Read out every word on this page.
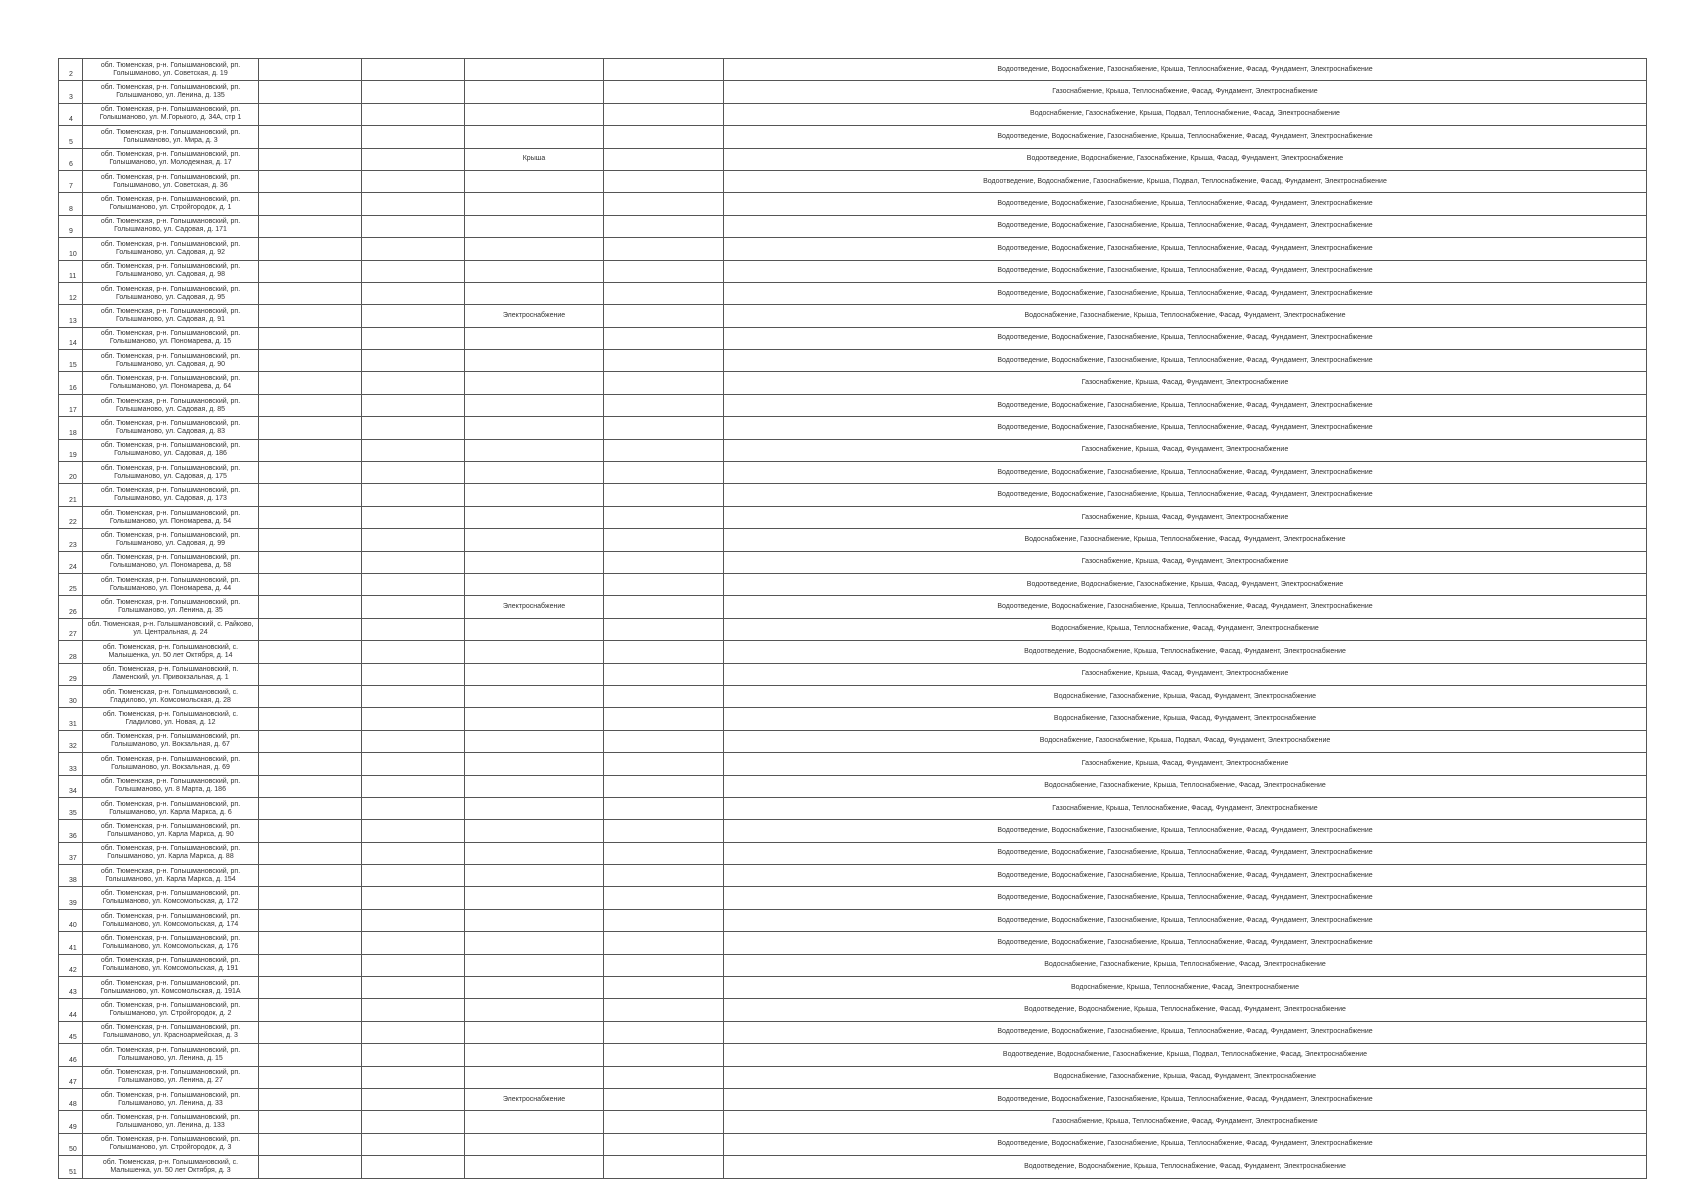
2	обл. Тюменская, р-н. Голышмановский, рп. Голышманово, ул. Советская, д. 19					Водоотведение, Водоснабжение, Газоснабжение, Крыша, Теплоснабжение, Фасад, Фундамент, Электроснабжение
3	обл. Тюменская, р-н. Голышмановский, рп. Голышманово, ул. Ленина, д. 135					Газоснабжение, Крыша, Теплоснабжение, Фасад, Фундамент, Электроснабжение
4	обл. Тюменская, р-н. Голышмановский, рп. Голышманово, ул. М.Горького, д. 34А, стр 1					Водоснабжение, Газоснабжение, Крыша, Подвал, Теплоснабжение, Фасад, Электроснабжение
5	обл. Тюменская, р-н. Голышмановский, рп. Голышманово, ул. Мира, д. 3					Водоотведение, Водоснабжение, Газоснабжение, Крыша, Теплоснабжение, Фасад, Фундамент, Электроснабжение
6	обл. Тюменская, р-н. Голышмановский, рп. Голышманово, ул. Молодежная, д. 17			Крыша		Водоотведение, Водоснабжение, Газоснабжение, Крыша, Фасад, Фундамент, Электроснабжение
7	обл. Тюменская, р-н. Голышмановский, рп. Голышманово, ул. Советская, д. 36					Водоотведение, Водоснабжение, Газоснабжение, Крыша, Подвал, Теплоснабжение, Фасад, Фундамент, Электроснабжение
8	обл. Тюменская, р-н. Голышмановский, рп. Голышманово, ул. Стройгородок, д. 1					Водоотведение, Водоснабжение, Газоснабжение, Крыша, Теплоснабжение, Фасад, Фундамент, Электроснабжение
9	обл. Тюменская, р-н. Голышмановский, рп. Голышманово, ул. Садовая, д. 171					Водоотведение, Водоснабжение, Газоснабжение, Крыша, Теплоснабжение, Фасад, Фундамент, Электроснабжение
10	обл. Тюменская, р-н. Голышмановский, рп. Голышманово, ул. Садовая, д. 92					Водоотведение, Водоснабжение, Газоснабжение, Крыша, Теплоснабжение, Фасад, Фундамент, Электроснабжение
11	обл. Тюменская, р-н. Голышмановский, рп. Голышманово, ул. Садовая, д. 98					Водоотведение, Водоснабжение, Газоснабжение, Крыша, Теплоснабжение, Фасад, Фундамент, Электроснабжение
12	обл. Тюменская, р-н. Голышмановский, рп. Голышманово, ул. Садовая, д. 95					Водоотведение, Водоснабжение, Газоснабжение, Крыша, Теплоснабжение, Фасад, Фундамент, Электроснабжение
13	обл. Тюменская, р-н. Голышмановский, рп. Голышманово, ул. Садовая, д. 91			Электроснабжение		Водоснабжение, Газоснабжение, Крыша, Теплоснабжение, Фасад, Фундамент, Электроснабжение
14	обл. Тюменская, р-н. Голышмановский, рп. Голышманово, ул. Пономарева, д. 15					Водоотведение, Водоснабжение, Газоснабжение, Крыша, Теплоснабжение, Фасад, Фундамент, Электроснабжение
15	обл. Тюменская, р-н. Голышмановский, рп. Голышманово, ул. Садовая, д. 90					Водоотведение, Водоснабжение, Газоснабжение, Крыша, Теплоснабжение, Фасад, Фундамент, Электроснабжение
16	обл. Тюменская, р-н. Голышмановский, рп. Голышманово, ул. Пономарева, д. 64					Газоснабжение, Крыша, Фасад, Фундамент, Электроснабжение
17	обл. Тюменская, р-н. Голышмановский, рп. Голышманово, ул. Садовая, д. 85					Водоотведение, Водоснабжение, Газоснабжение, Крыша, Теплоснабжение, Фасад, Фундамент, Электроснабжение
18	обл. Тюменская, р-н. Голышмановский, рп. Голышманово, ул. Садовая, д. 83					Водоотведение, Водоснабжение, Газоснабжение, Крыша, Теплоснабжение, Фасад, Фундамент, Электроснабжение
19	обл. Тюменская, р-н. Голышмановский, рп. Голышманово, ул. Садовая, д. 186					Газоснабжение, Крыша, Фасад, Фундамент, Электроснабжение
20	обл. Тюменская, р-н. Голышмановский, рп. Голышманово, ул. Садовая, д. 175					Водоотведение, Водоснабжение, Газоснабжение, Крыша, Теплоснабжение, Фасад, Фундамент, Электроснабжение
21	обл. Тюменская, р-н. Голышмановский, рп. Голышманово, ул. Садовая, д. 173					Водоотведение, Водоснабжение, Газоснабжение, Крыша, Теплоснабжение, Фасад, Фундамент, Электроснабжение
22	обл. Тюменская, р-н. Голышмановский, рп. Голышманово, ул. Пономарева, д. 54					Газоснабжение, Крыша, Фасад, Фундамент, Электроснабжение
23	обл. Тюменская, р-н. Голышмановский, рп. Голышманово, ул. Садовая, д. 99					Водоснабжение, Газоснабжение, Крыша, Теплоснабжение, Фасад, Фундамент, Электроснабжение
24	обл. Тюменская, р-н. Голышмановский, рп. Голышманово, ул. Пономарева, д. 58					Газоснабжение, Крыша, Фасад, Фундамент, Электроснабжение
25	обл. Тюменская, р-н. Голышмановский, рп. Голышманово, ул. Пономарева, д. 44					Водоотведение, Водоснабжение, Газоснабжение, Крыша, Фасад, Фундамент, Электроснабжение
26	обл. Тюменская, р-н. Голышмановский, рп. Голышманово, ул. Ленина, д. 35			Электроснабжение		Водоотведение, Водоснабжение, Газоснабжение, Крыша, Теплоснабжение, Фасад, Фундамент, Электроснабжение
27	обл. Тюменская, р-н. Голышмановский, с. Райково, ул. Центральная, д. 24					Водоснабжение, Крыша, Теплоснабжение, Фасад, Фундамент, Электроснабжение
28	обл. Тюменская, р-н. Голышмановский, с. Малышенка, ул. 50 лет Октября, д. 14					Водоотведение, Водоснабжение, Крыша, Теплоснабжение, Фасад, Фундамент, Электроснабжение
29	обл. Тюменская, р-н. Голышмановский, п. Ламенский, ул. Привокзальная, д. 1					Газоснабжение, Крыша, Фасад, Фундамент, Электроснабжение
30	обл. Тюменская, р-н. Голышмановский, с. Гладилово, ул. Комсомольская, д. 28					Водоснабжение, Газоснабжение, Крыша, Фасад, Фундамент, Электроснабжение
31	обл. Тюменская, р-н. Голышмановский, с. Гладилово, ул. Новая, д. 12					Водоснабжение, Газоснабжение, Крыша, Фасад, Фундамент, Электроснабжение
32	обл. Тюменская, р-н. Голышмановский, рп. Голышманово, ул. Вокзальная, д. 67					Водоснабжение, Газоснабжение, Крыша, Подвал, Фасад, Фундамент, Электроснабжение
33	обл. Тюменская, р-н. Голышмановский, рп. Голышманово, ул. Вокзальная, д. 69					Газоснабжение, Крыша, Фасад, Фундамент, Электроснабжение
34	обл. Тюменская, р-н. Голышмановский, рп. Голышманово, ул. 8 Марта, д. 186					Водоснабжение, Газоснабжение, Крыша, Теплоснабжение, Фасад, Электроснабжение
35	обл. Тюменская, р-н. Голышмановский, рп. Голышманово, ул. Карла Маркса, д. 6					Газоснабжение, Крыша, Теплоснабжение, Фасад, Фундамент, Электроснабжение
36	обл. Тюменская, р-н. Голышмановский, рп. Голышманово, ул. Карла Маркса, д. 90					Водоотведение, Водоснабжение, Газоснабжение, Крыша, Теплоснабжение, Фасад, Фундамент, Электроснабжение
37	обл. Тюменская, р-н. Голышмановский, рп. Голышманово, ул. Карла Маркса, д. 88					Водоотведение, Водоснабжение, Газоснабжение, Крыша, Теплоснабжение, Фасад, Фундамент, Электроснабжение
38	обл. Тюменская, р-н. Голышмановский, рп. Голышманово, ул. Карла Маркса, д. 154					Водоотведение, Водоснабжение, Газоснабжение, Крыша, Теплоснабжение, Фасад, Фундамент, Электроснабжение
39	обл. Тюменская, р-н. Голышмановский, рп. Голышманово, ул. Комсомольская, д. 172					Водоотведение, Водоснабжение, Газоснабжение, Крыша, Теплоснабжение, Фасад, Фундамент, Электроснабжение
40	обл. Тюменская, р-н. Голышмановский, рп. Голышманово, ул. Комсомольская, д. 174					Водоотведение, Водоснабжение, Газоснабжение, Крыша, Теплоснабжение, Фасад, Фундамент, Электроснабжение
41	обл. Тюменская, р-н. Голышмановский, рп. Голышманово, ул. Комсомольская, д. 176					Водоотведение, Водоснабжение, Газоснабжение, Крыша, Теплоснабжение, Фасад, Фундамент, Электроснабжение
42	обл. Тюменская, р-н. Голышмановский, рп. Голышманово, ул. Комсомольская, д. 191					Водоснабжение, Газоснабжение, Крыша, Теплоснабжение, Фасад, Электроснабжение
43	обл. Тюменская, р-н. Голышмановский, рп. Голышманово, ул. Комсомольская, д. 191А					Водоснабжение, Крыша, Теплоснабжение, Фасад, Электроснабжение
44	обл. Тюменская, р-н. Голышмановский, рп. Голышманово, ул. Стройгородок, д. 2					Водоотведение, Водоснабжение, Крыша, Теплоснабжение, Фасад, Фундамент, Электроснабжение
45	обл. Тюменская, р-н. Голышмановский, рп. Голышманово, ул. Красноармейская, д. 3					Водоотведение, Водоснабжение, Газоснабжение, Крыша, Теплоснабжение, Фасад, Фундамент, Электроснабжение
46	обл. Тюменская, р-н. Голышмановский, рп. Голышманово, ул. Ленина, д. 15					Водоотведение, Водоснабжение, Газоснабжение, Крыша, Подвал, Теплоснабжение, Фасад, Электроснабжение
47	обл. Тюменская, р-н. Голышмановский, рп. Голышманово, ул. Ленина, д. 27					Водоснабжение, Газоснабжение, Крыша, Фасад, Фундамент, Электроснабжение
48	обл. Тюменская, р-н. Голышмановский, рп. Голышманово, ул. Ленина, д. 33			Электроснабжение		Водоотведение, Водоснабжение, Газоснабжение, Крыша, Теплоснабжение, Фасад, Фундамент, Электроснабжение
49	обл. Тюменская, р-н. Голышмановский, рп. Голышманово, ул. Ленина, д. 133					Газоснабжение, Крыша, Теплоснабжение, Фасад, Фундамент, Электроснабжение
50	обл. Тюменская, р-н. Голышмановский, рп. Голышманово, ул. Стройгородок, д. 3					Водоотведение, Водоснабжение, Газоснабжение, Крыша, Теплоснабжение, Фасад, Фундамент, Электроснабжение
51	обл. Тюменская, р-н. Голышмановский, с. Малышенка, ул. 50 лет Октября, д. 3					Водоотведение, Водоснабжение, Крыша, Теплоснабжение, Фасад, Фундамент, Электроснабжение
